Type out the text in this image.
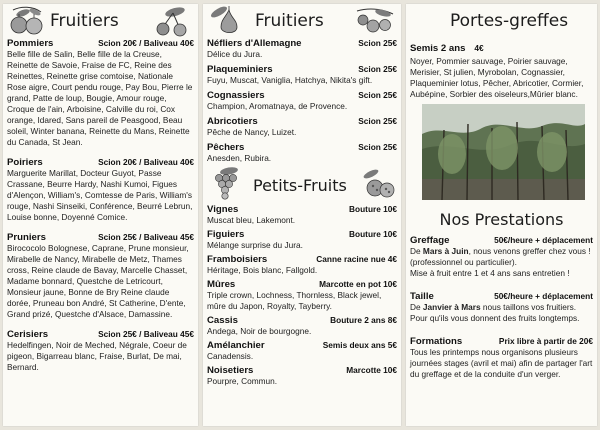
Fruitiers
Pommiers	Scion 20€ / Baliveau 40€
Belle fille de Salin, Belle fille de la Creuse, Reinette de Savoie, Fraise de FC, Reine des Reinettes, Reinette grise comtoise, Nationale Rose aigre, Court pendu rouge, Pay Bou, Pierre le grand, Patte de loup, Bougie, Amour rouge, Croque de l'ain, Arboisine, Calville du roi, Cox orange, Idared, Sans pareil de Peasgood, Beau soleil, Winter banana, Reinette du Mans, Reinette du Canada, St Jean.
Poiriers	Scion 20€ / Baliveau 40€
Marguerite Marillat, Docteur Guyot, Passe Crassane, Beurre Hardy, Nashi Kumoi, Figues d'Alençon, William's, Comtesse de Paris, William's rouge, Nashi Sinseiki, Conférence, Beurré Lebrun, Louise bonne, Doyenné Comice.
Pruniers	Scion 25€ / Baliveau 45€
Birococolo Bolognese, Caprane, Prune monsieur, Mirabelle de Nancy, Mirabelle de Metz, Thames cross, Reine claude de Bavay, Marcelle Chasset, Madame bonnard, Questche de Letricourt, Monsieur jaune, Bonne de Bry Reine claude dorée, Pruneau bon André, St Catherine, D'ente, Grand prizé, Questche d'Alsace, Damassine.
Cerisiers	Scion 25€ / Baliveau 45€
Hedelfingen, Noir de Meched, Négrale, Coeur de pigeon, Bigarreau blanc, Fraise, Burlat, De mai, Bernard.
Fruitiers
Néfliers d'Allemagne	Scion 25€
Délice du Jura.
Plaqueminiers	Scion 25€
Fuyu, Muscat, Vaniglia, Hatchya, Nikita's gift.
Cognassiers	Scion 25€
Champion, Aromatnaya, de Provence.
Abricotiers	Scion 25€
Pêche de Nancy, Luizet.
Pêchers	Scion 25€
Anesden, Rubira.
Petits-Fruits
Vignes	Bouture 10€
Muscat bleu, Lakemont.
Figuiers	Bouture 10€
Mélange surprise du Jura.
Framboisiers	Canne racine nue 4€
Héritage, Bois blanc, Fallgold.
Mûres	Marcotte en pot 10€
Triple crown, Lochness, Thornless, Black jewel, mûre du Japon, Royalty, Tayberry.
Cassis	Bouture 2 ans 8€
Andega, Noir de bourgogne.
Amélanchier	Semis deux ans 5€
Canadensis.
Noisetiers	Marcotte 10€
Pourpre, Commun.
Portes-greffes
Semis 2 ans 4€
Noyer, Pommier sauvage, Poirier sauvage, Merisier, St julien, Myrobolan, Cognassier, Plaqueminier lotus, Pêcher, Abricotier, Cormier, Aubépine, Sorbier des oiseleurs,Mûrier blanc.
Nos Prestations
Greffage	50€/heure + déplacement
De Mars à Juin, nous venons greffer chez vous ! (professionnel ou particulier).
Mise à fruit entre 1 et 4 ans sans entretien !
Taille	50€/heure + déplacement
De Janvier à Mars nous taillons vos fruitiers.
Pour qu'ils vous donnent des fruits longtemps.
Formations	Prix libre à partir de 20€
Tous les printemps nous organisons plusieurs journées stages (avril et mai) afin de partager l'art du greffage et de la conduite d'un verger.
